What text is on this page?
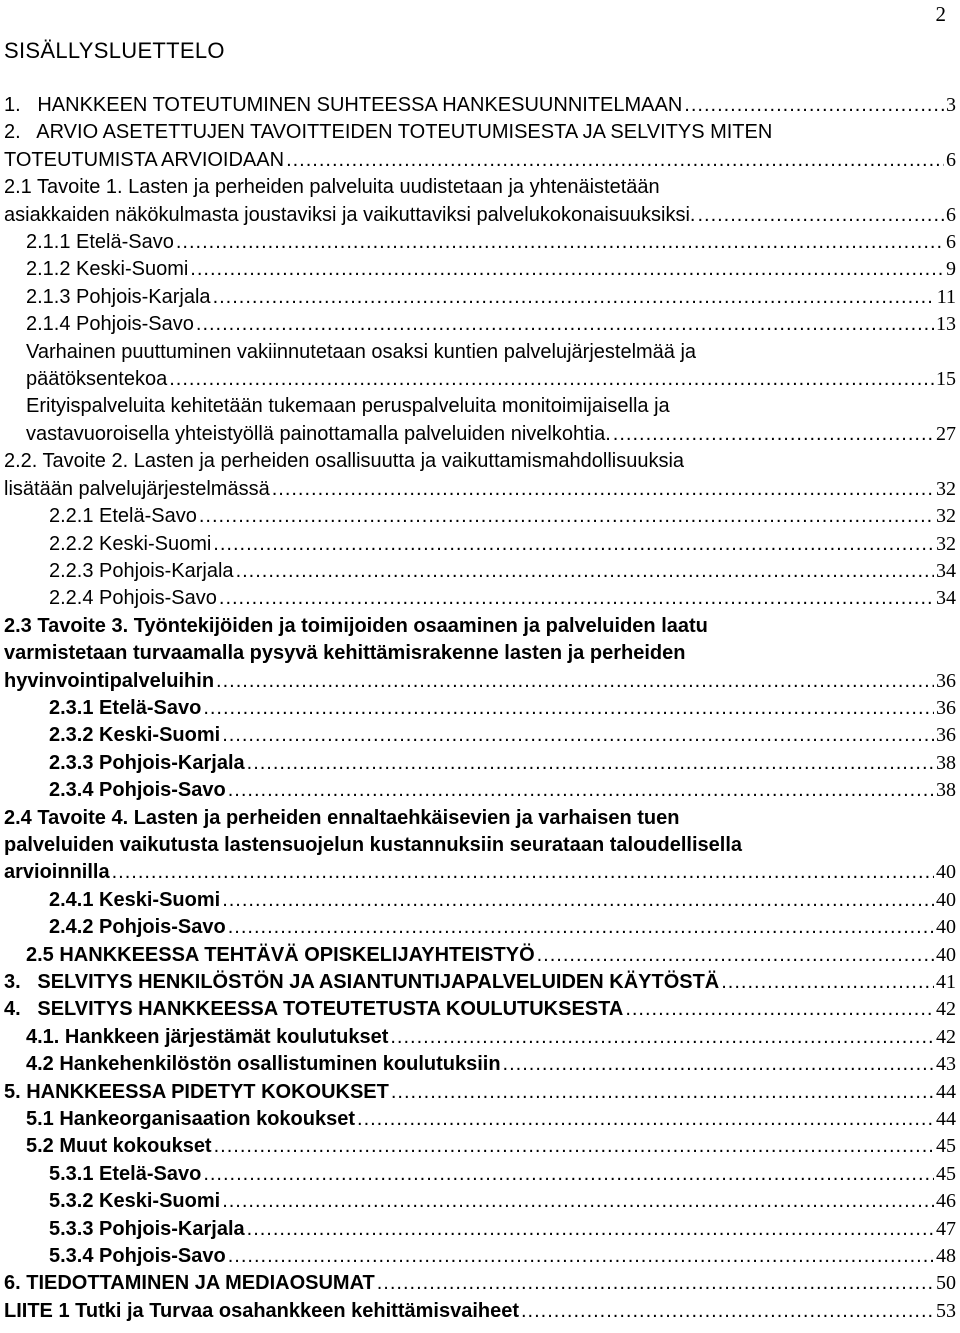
2
SISÄLLYSLUETTELO
1.   HANKKEEN TOTEUTUMINEN SUHTEESSA HANKESUUNNITELMAAN .....	3
2.   ARVIO ASETETTUJEN TAVOITTEIDEN TOTEUTUMISESTA JA SELVITYS MITEN
TOTEUTUMISTA ARVIOIDAAN .....	6
2.1 Tavoite 1. Lasten ja perheiden palveluita uudistetaan ja yhtenäistetään
asiakkaiden näkökulmasta joustaviksi ja vaikuttaviksi palvelukokonaisuuksiksi. .....	6
2.1.1 Etelä-Savo .....	6
2.1.2 Keski-Suomi .....	9
2.1.3 Pohjois-Karjala .....	11
2.1.4 Pohjois-Savo .....	13
Varhainen puuttuminen vakiinnutetaan osaksi kuntien palvelujärjestelmää ja
päätöksentekoa .....	15
Erityispalveluita kehitetään tukemaan peruspalveluita monitoimijaisella ja
vastavuoroisella yhteistyöllä painottamalla palveluiden nivelkohtia. .....	27
2.2. Tavoite 2. Lasten ja perheiden osallisuutta ja vaikuttamismahdollisuuksia
lisätään palvelujärjestelmässä .....	32
2.2.1 Etelä-Savo .....	32
2.2.2 Keski-Suomi .....	32
2.2.3 Pohjois-Karjala .....	34
2.2.4 Pohjois-Savo .....	34
2.3 Tavoite 3. Työntekijöiden ja toimijoiden osaaminen ja palveluiden laatu
varmistetaan turvaamalla pysyvä kehittämisrakenne lasten ja perheiden
hyvinvointipalveluihin .....	36
2.3.1 Etelä-Savo .....	36
2.3.2 Keski-Suomi .....	36
2.3.3 Pohjois-Karjala .....	38
2.3.4 Pohjois-Savo .....	38
2.4 Tavoite 4. Lasten ja perheiden ennaltaehkäisevien ja varhaisen tuen
palveluiden vaikutusta lastensuojelun kustannuksiin seurataan taloudellisella
arvioinnilla .....	40
2.4.1 Keski-Suomi .....	40
2.4.2 Pohjois-Savo .....	40
2.5 HANKKEESSA TEHTÄVÄ OPISKELIJAYHTEISTYÖ .....	40
3.   SELVITYS HENKILÖSTÖN JA ASIANTUNTIJAPALVELUIDEN KÄYTÖSTÄ .....	41
4.   SELVITYS HANKKEESSA TOTEUTETUSTA KOULUTUKSESTA .....	42
4.1. Hankkeen järjestämät koulutukset .....	42
4.2 Hankehenkilöstön osallistuminen koulutuksiin .....	43
5. HANKKEESSA PIDETYT KOKOUKSET .....	44
5.1 Hankeorganisaation kokoukset .....	44
5.2 Muut kokoukset .....	45
5.3.1 Etelä-Savo .....	45
5.3.2 Keski-Suomi .....	46
5.3.3 Pohjois-Karjala .....	47
5.3.4 Pohjois-Savo .....	48
6. TIEDOTTAMINEN JA MEDIAOSUMAT .....	50
LIITE 1 Tutki ja Turvaa osahankkeen kehittämisvaiheet .....	53
